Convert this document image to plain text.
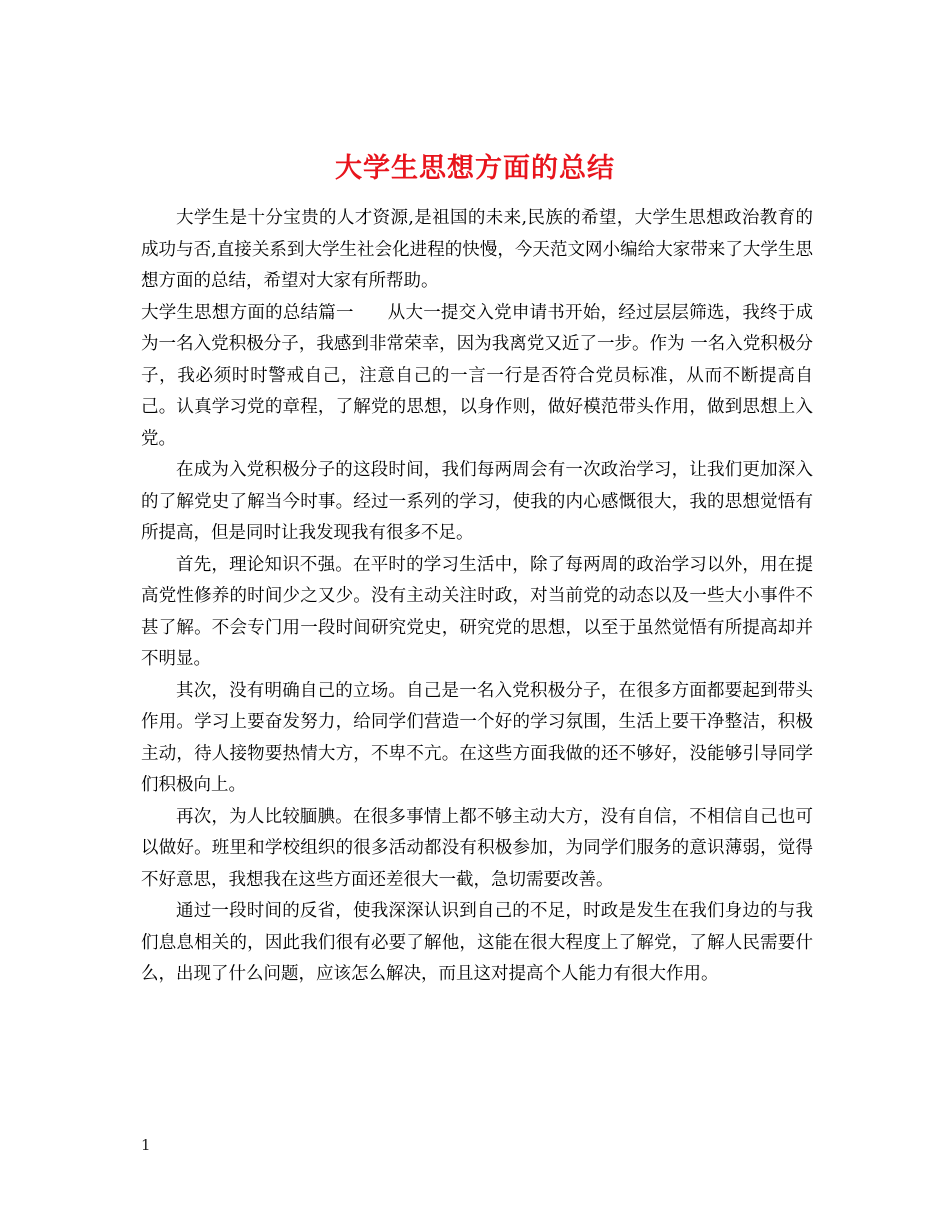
大学生思想方面的总结

大学生是十分宝贵的人才资源,是祖国的未来,民族的希望，大学生思想政治教育的成功与否,直接关系到大学生社会化进程的快慢，今天范文网小编给大家带来了大学生思想方面的总结，希望对大家有所帮助。

大学生思想方面的总结篇一 从大一提交入党申请书开始，经过层层筛选，我终于成为一名入党积极分子，我感到非常荣幸，因为我离党又近了一步。作为 一名入党积极分子，我必须时时警戒自己，注意自己的一言一行是否符合党员标准，从而不断提高自己。认真学习党的章程，了解党的思想，以身作则，做好模范带头作用，做到思想上入党。

在成为入党积极分子的这段时间，我们每两周会有一次政治学习，让我们更加深入的了解党史了解当今时事。经过一系列的学习，使我的内心感慨很大，我的思想觉悟有所提高，但是同时让我发现我有很多不足。

首先，理论知识不强。在平时的学习生活中，除了每两周的政治学习以外，用在提高党性修养的时间少之又少。没有主动关注时政，对当前党的动态以及一些大小事件不甚了解。不会专门用一段时间研究党史，研究党的思想，以至于虽然觉悟有所提高却并不明显。

其次，没有明确自己的立场。自己是一名入党积极分子，在很多方面都要起到带头作用。学习上要奋发努力，给同学们营造一个好的学习氛围，生活上要干净整洁，积极主动，待人接物要热情大方，不卑不亢。在这些方面我做的还不够好，没能够引导同学们积极向上。

再次，为人比较腼腆。在很多事情上都不够主动大方，没有自信，不相信自己也可以做好。班里和学校组织的很多活动都没有积极参加，为同学们服务的意识薄弱，觉得不好意思，我想我在这些方面还差很大一截，急切需要改善。

通过一段时间的反省，使我深深认识到自己的不足，时政是发生在我们身边的与我们息息相关的，因此我们很有必要了解他，这能在很大程度上了解党，了解人民需要什么，出现了什么问题，应该怎么解决，而且这对提高个人能力有很大作用。

1
